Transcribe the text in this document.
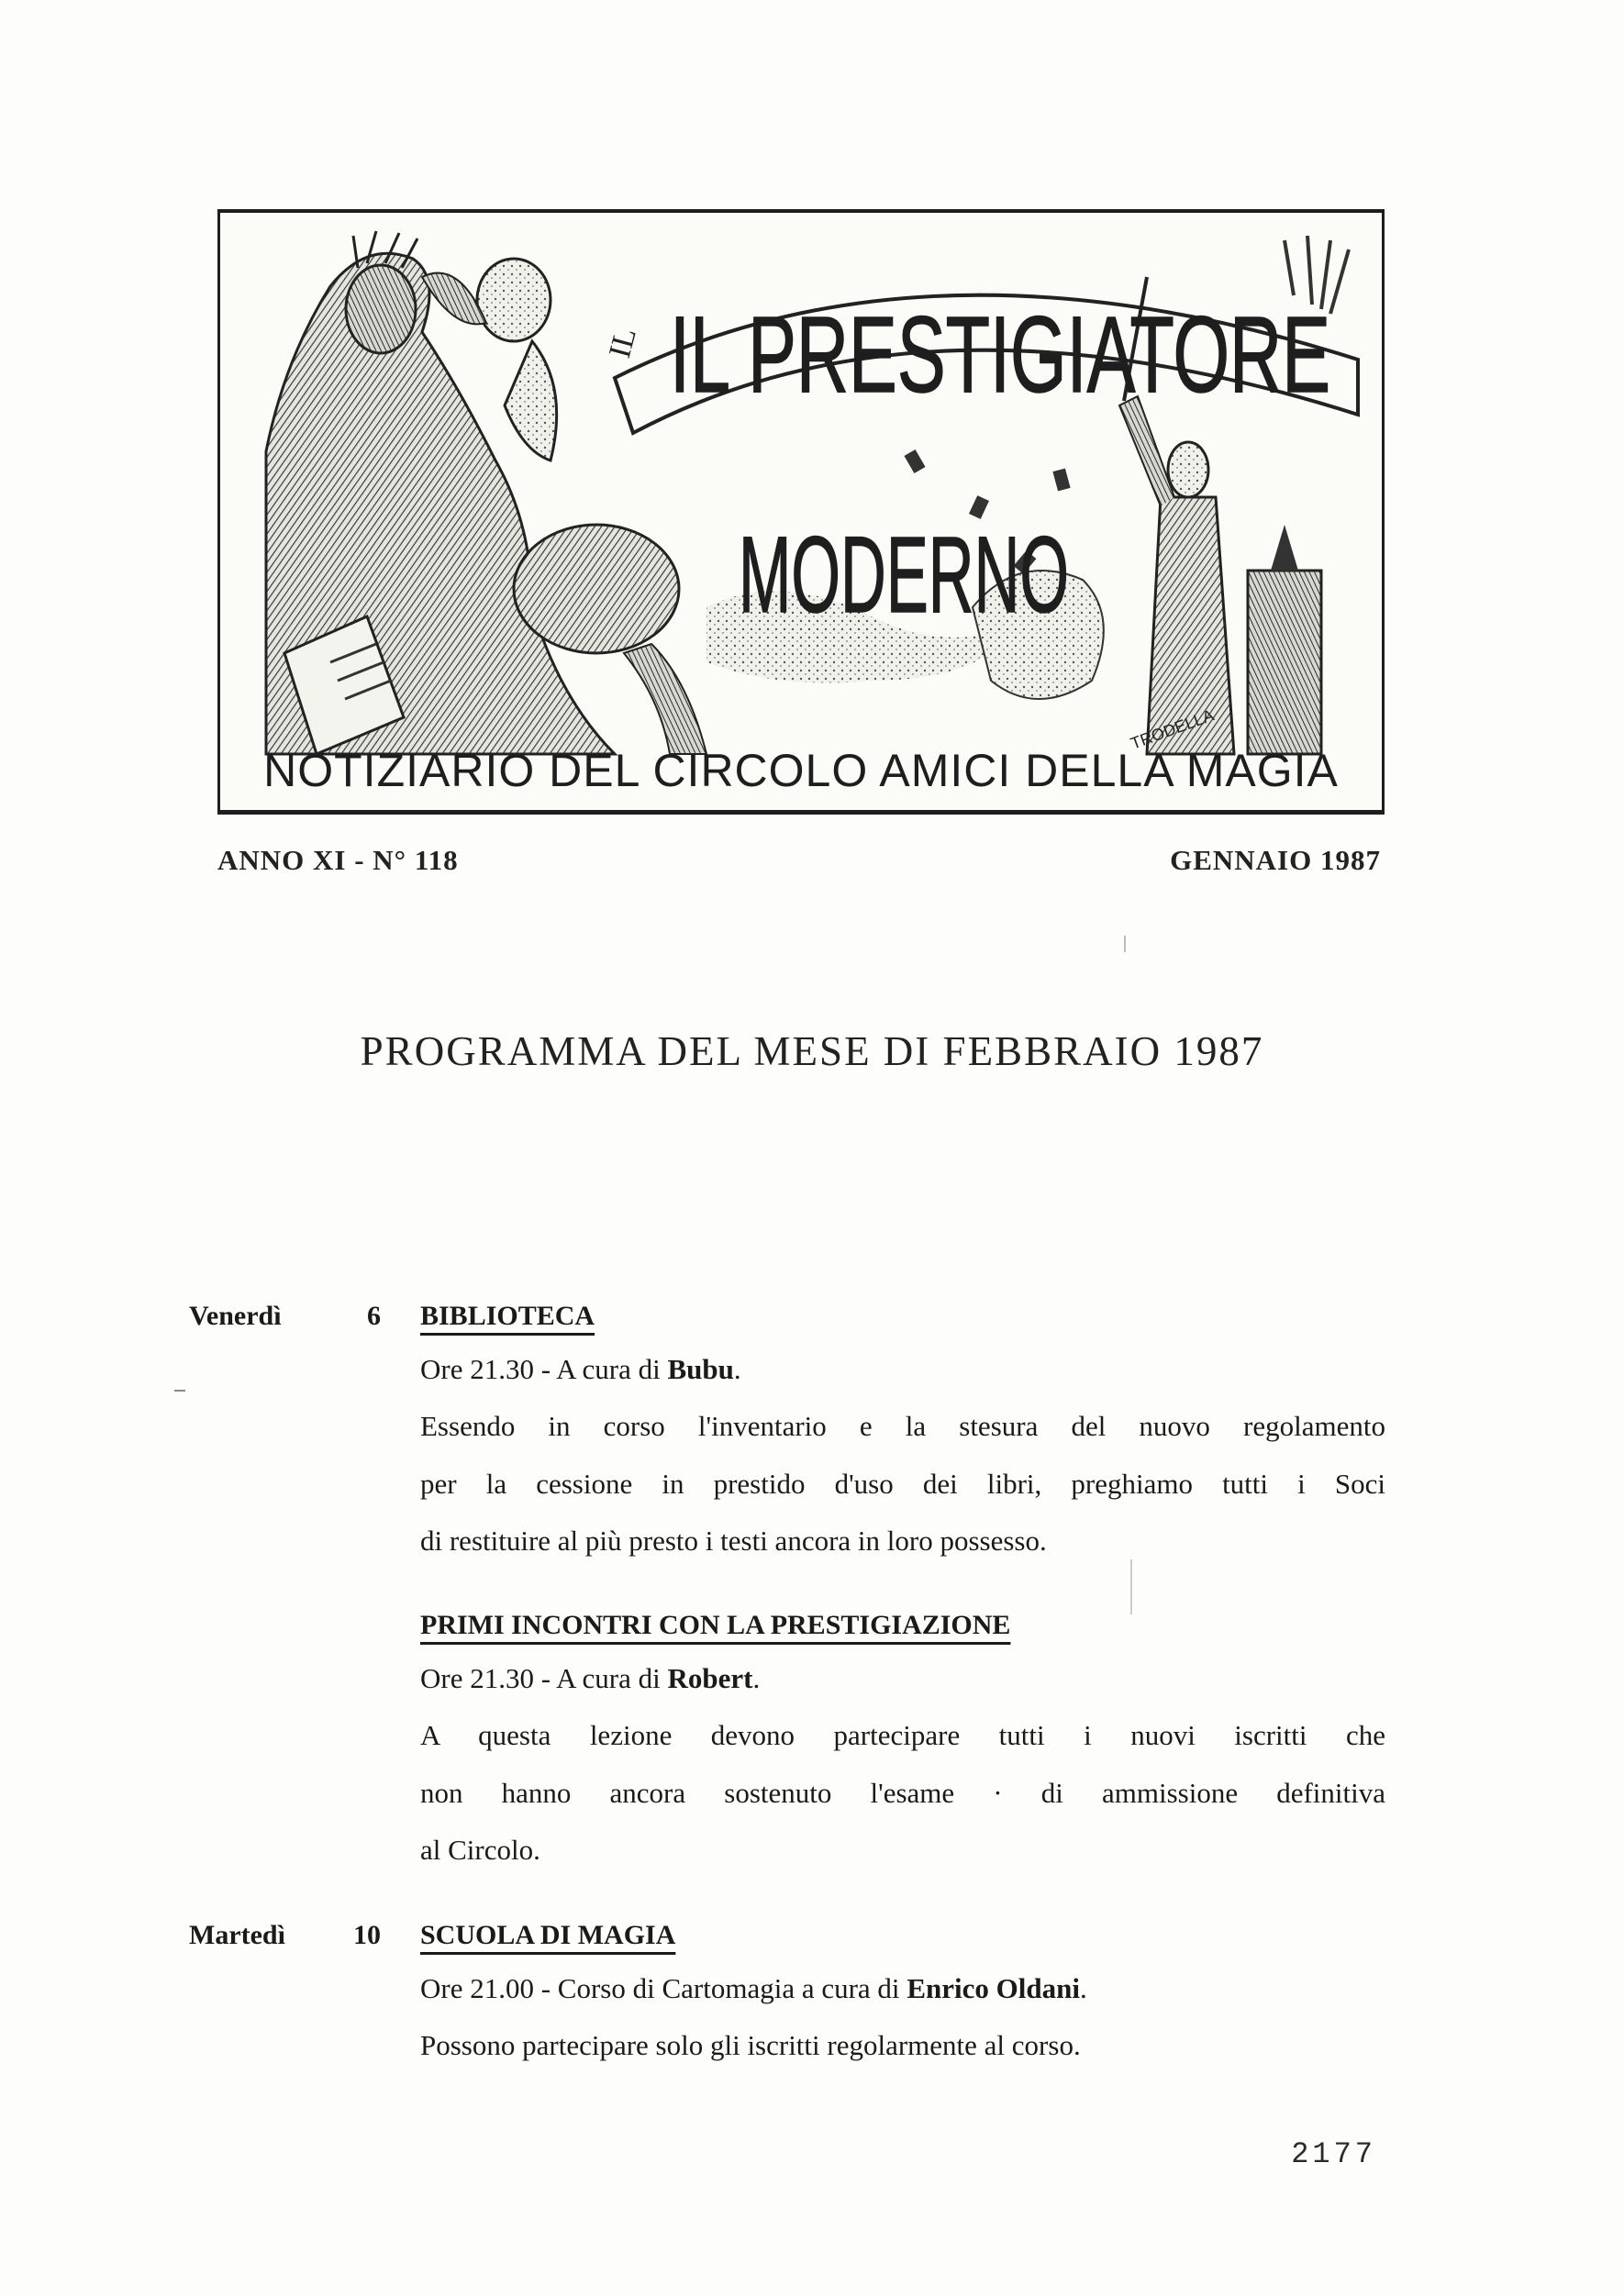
IL IL PRESTIGIATORE
MODERNO
TRODELLA
NOTIZIARIO DEL CIRCOLO AMICI DELLA MAGIA
ANNO XI - N° 118	GENNAIO 1987
PROGRAMMA DEL MESE DI FEBBRAIO 1987
Venerdì	6 BIBLIOTECA
Ore 21.30 - A cura di Bubu.
Essendo in corso l'inventario e la stesura del nuovo regolamento
per la cessione in prestido d'uso dei libri, preghiamo tutti i Soci
di restituire al più presto i testi ancora in loro possesso.
PRIMI INCONTRI CON LA PRESTIGIAZIONE
Ore 21.30 - A cura di Robert.
A questa lezione devono partecipare tutti i nuovi iscritti che
non hanno ancora sostenuto l'esame · di ammissione definitiva
al Circolo.
Martedì 10 SCUOLA DI MAGIA
Ore 21.00 - Corso di Cartomagia a cura di Enrico Oldani.
Possono partecipare solo gli iscritti regolarmente al corso.
2177
